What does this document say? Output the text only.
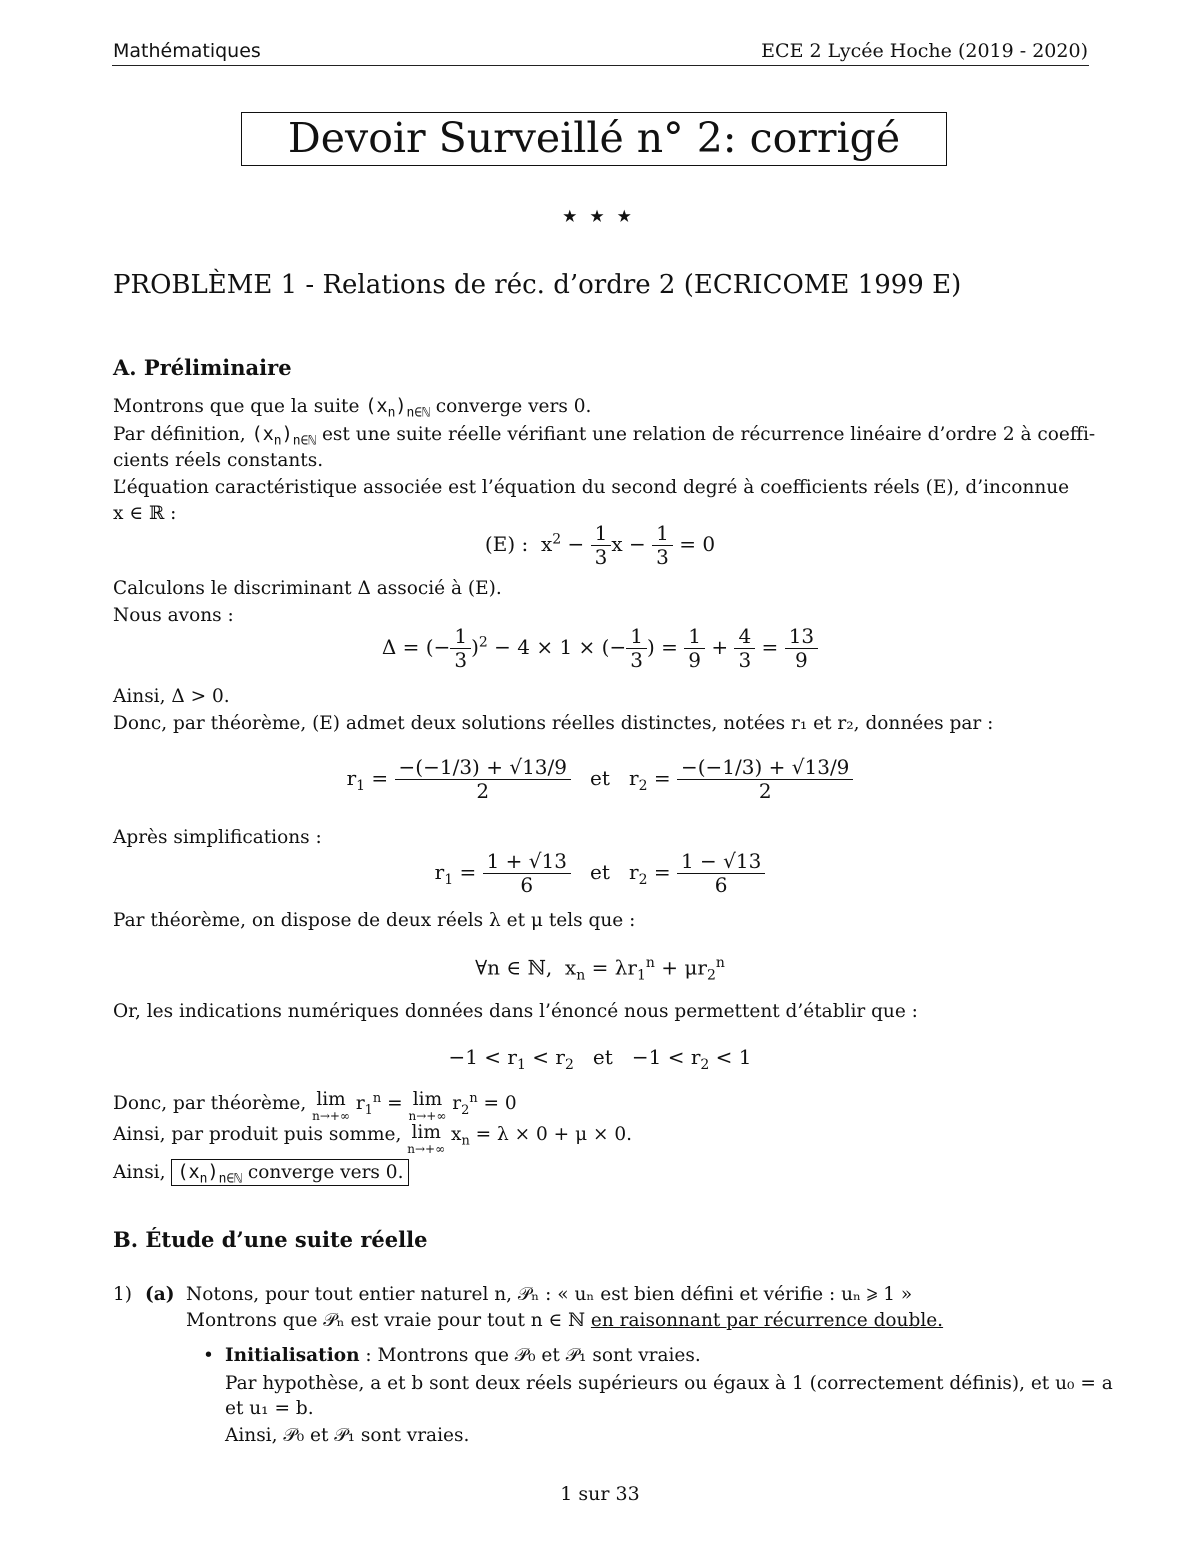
Mathématiques	ECE 2 Lycée Hoche (2019 - 2020)
Devoir Surveillé n° 2: corrigé
⋆⋆⋆
PROBLÈME 1 - Relations de réc. d’ordre 2 (ECRICOME 1999 E)
A. Préliminaire
Montrons que que la suite $(x_n)_{n\in ℕ}$ converge vers 0.
Par définition, $(x_n)_{n\in ℕ}$ est une suite réelle vérifiant une relation de récurrence linéaire d’ordre 2 à coeffi-
cients réels constants.
L’équation caractéristique associée est l’équation du second degré à coefficients réels (E), d’inconnue
x ∈ ℝ :
(E) :  $x^2 - \frac{1}{3}$ $x - \frac{1}{3} = 0$
Calculons le discriminant Δ associé à (E).
Nous avons :
Δ = (− $\frac{1}{3} )^2 - 4 \times 1$ × (− $\frac{1}{3}$ ) = $\frac{1}{9} + \frac{4}{3} = \frac{13}{9}$
Ainsi, Δ > 0.
Donc, par théorème, (E) admet deux solutions réelles distinctes, notées r₁ et r₂, données par :
$r_1 = \frac{-(-1/3) + √13/9}{2}$ et   $r_2 = \frac{-(-1/3) + √13/9}{2}$
Après simplifications :
$r_1 = \frac{1 + √13}{6}$ et   $r_2 = \frac{1 - √13}{6}$
Par théorème, on dispose de deux réels λ et μ tels que :
∀n ∈ ℕ,  $x_n = \lambda r_1^n + \mu r_2^n$
Or, les indications numériques données dans l’énoncé nous permettent d’établir que :
$-1 < r_1 < r_2$   et   $-1 < r_2 < 1$
Donc, par théorème, lim
n→+∞
$r_1^n = \lim$
n→+∞
$r_2^n = 0$
Ainsi, par produit puis somme, lim
n→+∞
$x_n = \lambda \times 0 + \mu \times 0$.
Ainsi, $(x_n)_{n\in ℕ}$ converge vers 0.
B. Étude d’une suite réelle
1) (a) Notons, pour tout entier naturel n, 𝒫ₙ : « uₙ est bien défini et vérifie : uₙ ⩾ 1 »
Montrons que 𝒫ₙ est vraie pour tout n ∈ ℕ en raisonnant par récurrence double.
• Initialisation : Montrons que 𝒫₀ et 𝒫₁ sont vraies.
Par hypothèse, a et b sont deux réels supérieurs ou égaux à 1 (correctement définis), et u₀ = a
et u₁ = b.
Ainsi, 𝒫₀ et 𝒫₁ sont vraies.
1 sur 33
